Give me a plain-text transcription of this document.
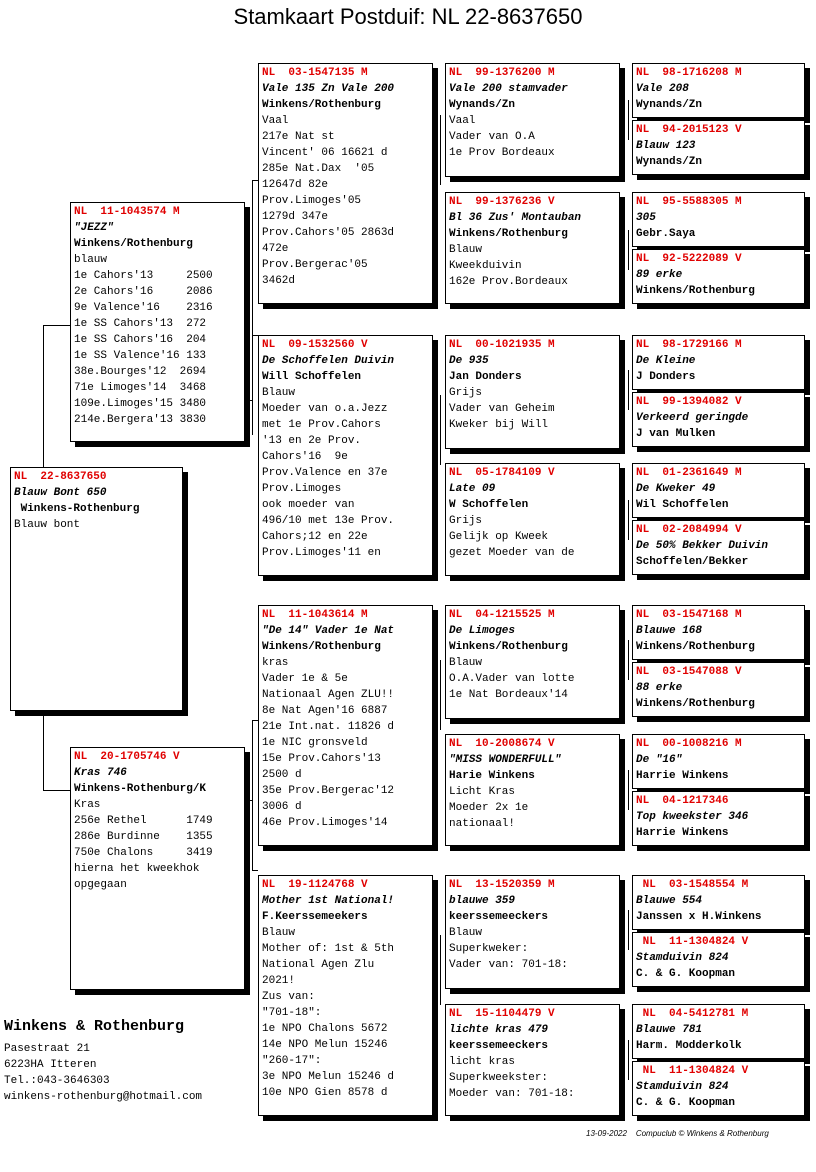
Stamkaart Postduif: NL 22-8637650
NL  22-8637650
Blauw Bont 650
Winkens-Rothenburg
Blauw bont
NL  11-1043574 M
"JEZZ"
Winkens/Rothenburg
blauw
1e Cahors'13     2500
2e Cahors'16     2086
9e Valence'16    2316
1e SS Cahors'13  272
1e SS Cahors'16  204
1e SS Valence'16 133
38e.Bourges'12  2694
71e Limoges'14  3468
109e.Limoges'15 3480
214e.Bergera'13 3830
NL  20-1705746 V
Kras 746
Winkens-Rothenburg/K
Kras
256e Rethel      1749
286e Burdinne    1355
750e Chalons     3419
hierna het kweekhok
opgegaan
NL  03-1547135 M
Vale 135 Zn Vale 200
Winkens/Rothenburg
Vaal
217e Nat st
Vincent' 06 16621 d
285e Nat.Dax  '05
12647d 82e
Prov.Limoges'05
1279d 347e
Prov.Cahors'05 2863d
472e
Prov.Bergerac'05
3462d
NL  09-1532560 V
De Schoffelen Duivin
Will Schoffelen
Blauw
Moeder van o.a.Jezz
met 1e Prov.Cahors
'13 en 2e Prov.
Cahors'16  9e
Prov.Valence en 37e
Prov.Limoges
ook moeder van
496/10 met 13e Prov.
Cahors;12 en 22e
Prov.Limoges'11 en
NL  11-1043614 M
"De 14" Vader 1e Nat
Winkens/Rothenburg
kras
Vader 1e & 5e
Nationaal Agen ZLU!!
8e Nat Agen'16 6887
21e Int.nat. 11826 d
1e NIC gronsveld
15e Prov.Cahors'13
2500 d
35e Prov.Bergerac'12
3006 d
46e Prov.Limoges'14
NL  19-1124768 V
Mother 1st National!
F.Keerssemeekers
Blauw
Mother of: 1st & 5th
National Agen Zlu
2021!
Zus van:
"701-18":
1e NPO Chalons 5672
14e NPO Melun 15246
"260-17":
3e NPO Melun 15246 d
10e NPO Gien 8578 d
NL  99-1376200 M
Vale 200 stamvader
Wynands/Zn
Vaal
Vader van O.A
1e Prov Bordeaux
NL  99-1376236 V
Bl 36 Zus' Montauban
Winkens/Rothenburg
Blauw
Kweekduivin
162e Prov.Bordeaux
NL  00-1021935 M
De 935
Jan Donders
Grijs
Vader van Geheim
Kweker bij Will
NL  05-1784109 V
Late 09
W Schoffelen
Grijs
Gelijk op Kweek
gezet Moeder van de
NL  04-1215525 M
De Limoges
Winkens/Rothenburg
Blauw
O.A.Vader van lotte
1e Nat Bordeaux'14
NL  10-2008674 V
"MISS WONDERFULL"
Harie Winkens
Licht Kras
Moeder 2x 1e
nationaal!
NL  13-1520359 M
blauwe 359
keerssemeeckers
Blauw
Superkweker:
Vader van: 701-18:
NL  15-1104479 V
lichte kras 479
keerssemeeckers
licht kras
Superkweekster:
Moeder van: 701-18:
NL  98-1716208 M
Vale 208
Wynands/Zn
NL  94-2015123 V
Blauw 123
Wynands/Zn
NL  95-5588305 M
305
Gebr.Saya
NL  92-5222089 V
89 erke
Winkens/Rothenburg
NL  98-1729166 M
De Kleine
J Donders
NL  99-1394082 V
Verkeerd geringde
J van Mulken
NL  01-2361649 M
De Kweker 49
Wil Schoffelen
NL  02-2084994 V
De 50% Bekker Duivin
Schoffelen/Bekker
NL  03-1547168 M
Blauwe 168
Winkens/Rothenburg
NL  03-1547088 V
88 erke
Winkens/Rothenburg
NL  00-1008216 M
De "16"
Harrie Winkens
NL  04-1217346
Top kweekster 346
Harrie Winkens
NL  03-1548554 M
Blauwe 554
Janssen x H.Winkens
NL  11-1304824 V
Stamduivin 824
C. & G. Koopman
NL  04-5412781 M
Blauwe 781
Harm. Modderkolk
NL  11-1304824 V
Stamduivin 824
C. & G. Koopman
Winkens & Rothenburg
Pasestraat 21
6223HA Itteren
Tel.:043-3646303
winkens-rothenburg@hotmail.com
13-09-2022 Compuclub © Winkens & Rothenburg
